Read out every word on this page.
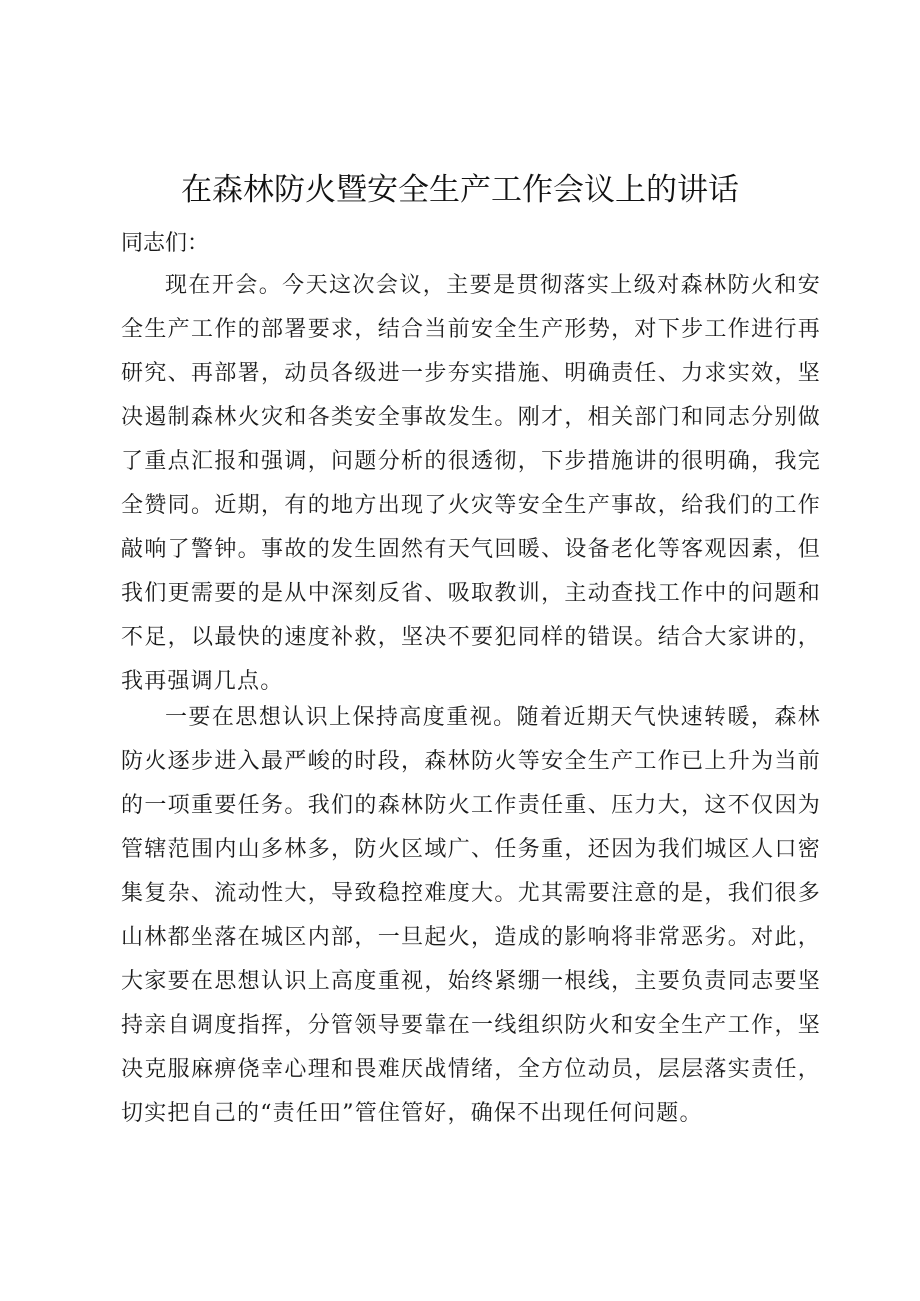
在森林防火暨安全生产工作会议上的讲话
同志们：

现在开会。今天这次会议，主要是贯彻落实上级对森林防火和安全生产工作的部署要求，结合当前安全生产形势，对下步工作进行再研究、再部署，动员各级进一步夯实措施、明确责任、力求实效，坚决遏制森林火灾和各类安全事故发生。刚才，相关部门和同志分别做了重点汇报和强调，问题分析的很透彻，下步措施讲的很明确，我完全赞同。近期，有的地方出现了火灾等安全生产事故，给我们的工作敲响了警钟。事故的发生固然有天气回暖、设备老化等客观因素，但我们更需要的是从中深刻反省、吸取教训，主动查找工作中的问题和不足，以最快的速度补救，坚决不要犯同样的错误。结合大家讲的，我再强调几点。

一要在思想认识上保持高度重视。随着近期天气快速转暖，森林防火逐步进入最严峻的时段，森林防火等安全生产工作已上升为当前的一项重要任务。我们的森林防火工作责任重、压力大，这不仅因为管辖范围内山多林多，防火区域广、任务重，还因为我们城区人口密集复杂、流动性大，导致稳控难度大。尤其需要注意的是，我们很多山林都坐落在城区内部，一旦起火，造成的影响将非常恶劣。对此，大家要在思想认识上高度重视，始终紧绷一根线，主要负责同志要坚持亲自调度指挥，分管领导要靠在一线组织防火和安全生产工作，坚决克服麻痹侥幸心理和畏难厌战情绪，全方位动员，层层落实责任，切实把自己的“责任田”管住管好，确保不出现任何问题。
